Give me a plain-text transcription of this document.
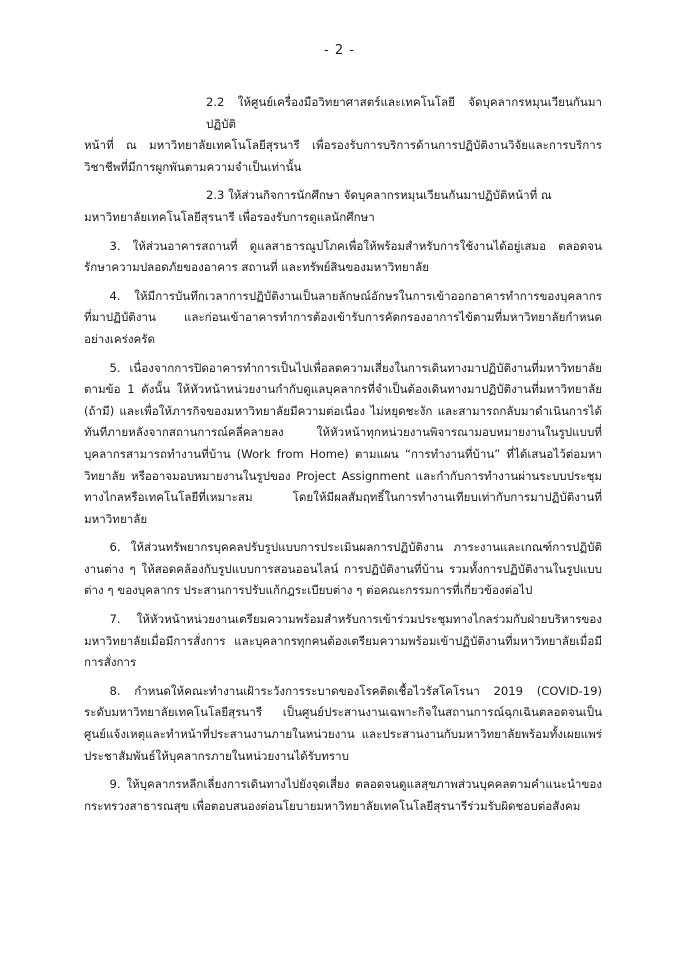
- 2 -

2.2 ให้ศูนย์เครื่องมือวิทยาศาสตร์และเทคโนโลยี จัดบุคลากรหมุนเวียนกันมาปฏิบัติ
หน้าที่ ณ มหาวิทยาลัยเทคโนโลยีสุรนารี เพื่อรองรับการบริการด้านการปฏิบัติงานวิจัยและการบริการวิชาชีพที่มีการผูกพันตามความจำเป็นเท่านั้น

2.3 ให้ส่วนกิจการนักศึกษา จัดบุคลากรหมุนเวียนกันมาปฏิบัติหน้าที่ ณ
มหาวิทยาลัยเทคโนโลยีสุรนารี เพื่อรองรับการดูแลนักศึกษา

3. ให้ส่วนอาคารสถานที่ ดูแลสาธารณูปโภคเพื่อให้พร้อมสำหรับการใช้งานได้อยู่เสมอ ตลอดจนรักษาความปลอดภัยของอาคาร สถานที่ และทรัพย์สินของมหาวิทยาลัย

4. ให้มีการบันทึกเวลาการปฏิบัติงานเป็นลายลักษณ์อักษรในการเข้าออกอาคารทำการของบุคลากรที่มาปฏิบัติงาน และก่อนเข้าอาคารทำการต้องเข้ารับการคัดกรองอาการไข้ตามที่มหาวิทยาลัยกำหนดอย่างเคร่งครัด

5. เนื่องจากการปิดอาคารทำการเป็นไปเพื่อลดความเสี่ยงในการเดินทางมาปฏิบัติงานที่มหาวิทยาลัยตามข้อ 1 ดังนั้น ให้หัวหน้าหน่วยงานกำกับดูแลบุคลากรที่จำเป็นต้องเดินทางมาปฏิบัติงานที่มหาวิทยาลัย (ถ้ามี) และเพื่อให้ภารกิจของมหาวิทยาลัยมีความต่อเนื่อง ไม่หยุดชะงัก และสามารถกลับมาดำเนินการได้ทันทีภายหลังจากสถานการณ์คลี่คลายลง ให้หัวหน้าทุกหน่วยงานพิจารณามอบหมายงานในรูปแบบที่บุคลากรสามารถทำงานที่บ้าน (Work from Home) ตามแผน “การทำงานที่บ้าน” ที่ได้เสนอไว้ต่อมหาวิทยาลัย หรืออาจมอบหมายงานในรูปของ Project Assignment และกำกับการทำงานผ่านระบบประชุมทางไกลหรือเทคโนโลยีที่เหมาะสม โดยให้มีผลสัมฤทธิ์ในการทำงานเทียบเท่ากับการมาปฏิบัติงานที่มหาวิทยาลัย

6. ให้ส่วนทรัพยากรบุคคลปรับรูปแบบการประเมินผลการปฏิบัติงาน ภาระงานและเกณฑ์การปฏิบัติงานต่าง ๆ ให้สอดคล้องกับรูปแบบการสอนออนไลน์ การปฏิบัติงานที่บ้าน รวมทั้งการปฏิบัติงานในรูปแบบต่าง ๆ ของบุคลากร ประสานการปรับแก้กฎระเบียบต่าง ๆ ต่อคณะกรรมการที่เกี่ยวข้องต่อไป

7. ให้หัวหน้าหน่วยงานเตรียมความพร้อมสำหรับการเข้าร่วมประชุมทางไกลร่วมกับฝ่ายบริหารของมหาวิทยาลัยเมื่อมีการสั่งการ และบุคลากรทุกคนต้องเตรียมความพร้อมเข้าปฏิบัติงานที่มหาวิทยาลัยเมื่อมีการสั่งการ

8. กำหนดให้คณะทำงานเฝ้าระวังการระบาดของโรคติดเชื้อไวรัสโคโรนา 2019 (COVID-19) ระดับมหาวิทยาลัยเทคโนโลยีสุรนารี เป็นศูนย์ประสานงานเฉพาะกิจในสถานการณ์ฉุกเฉินตลอดจนเป็นศูนย์แจ้งเหตุและทำหน้าที่ประสานงานภายในหน่วยงาน และประสานงานกับมหาวิทยาลัยพร้อมทั้งเผยแพร่ประชาสัมพันธ์ให้บุคลากรภายในหน่วยงานได้รับทราบ

9. ให้บุคลากรหลีกเลี่ยงการเดินทางไปยังจุดเสี่ยง ตลอดจนดูแลสุขภาพส่วนบุคคลตามคำแนะนำของกระทรวงสาธารณสุข เพื่อตอบสนองต่อนโยบายมหาวิทยาลัยเทคโนโลยีสุรนารีร่วมรับผิดชอบต่อสังคม
